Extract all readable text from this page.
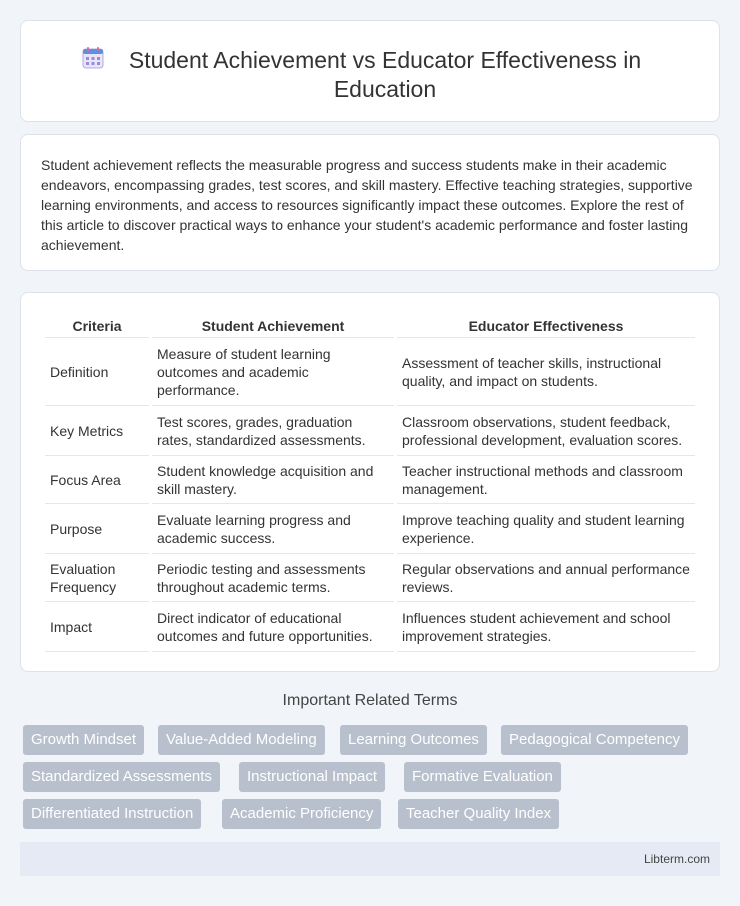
Student Achievement vs Educator Effectiveness in Education

Student achievement reflects the measurable progress and success students make in their academic endeavors, encompassing grades, test scores, and skill mastery. Effective teaching strategies, supportive learning environments, and access to resources significantly impact these outcomes. Explore the rest of this article to discover practical ways to enhance your student's academic performance and foster lasting achievement.

Criteria	Student Achievement	Educator Effectiveness
Definition	Measure of student learning outcomes and academic performance.	Assessment of teacher skills, instructional quality, and impact on students.
Key Metrics	Test scores, grades, graduation rates, standardized assessments.	Classroom observations, student feedback, professional development, evaluation scores.
Focus Area	Student knowledge acquisition and skill mastery.	Teacher instructional methods and classroom management.
Purpose	Evaluate learning progress and academic success.	Improve teaching quality and student learning experience.
Evaluation Frequency	Periodic testing and assessments throughout academic terms.	Regular observations and annual performance reviews.
Impact	Direct indicator of educational outcomes and future opportunities.	Influences student achievement and school improvement strategies.
Important Related Terms
Growth Mindset	Value-Added Modeling	Learning Outcomes	Pedagogical Competency
Standardized Assessments	Instructional Impact	Formative Evaluation
Differentiated Instruction	Academic Proficiency	Teacher Quality Index
Libterm.com
